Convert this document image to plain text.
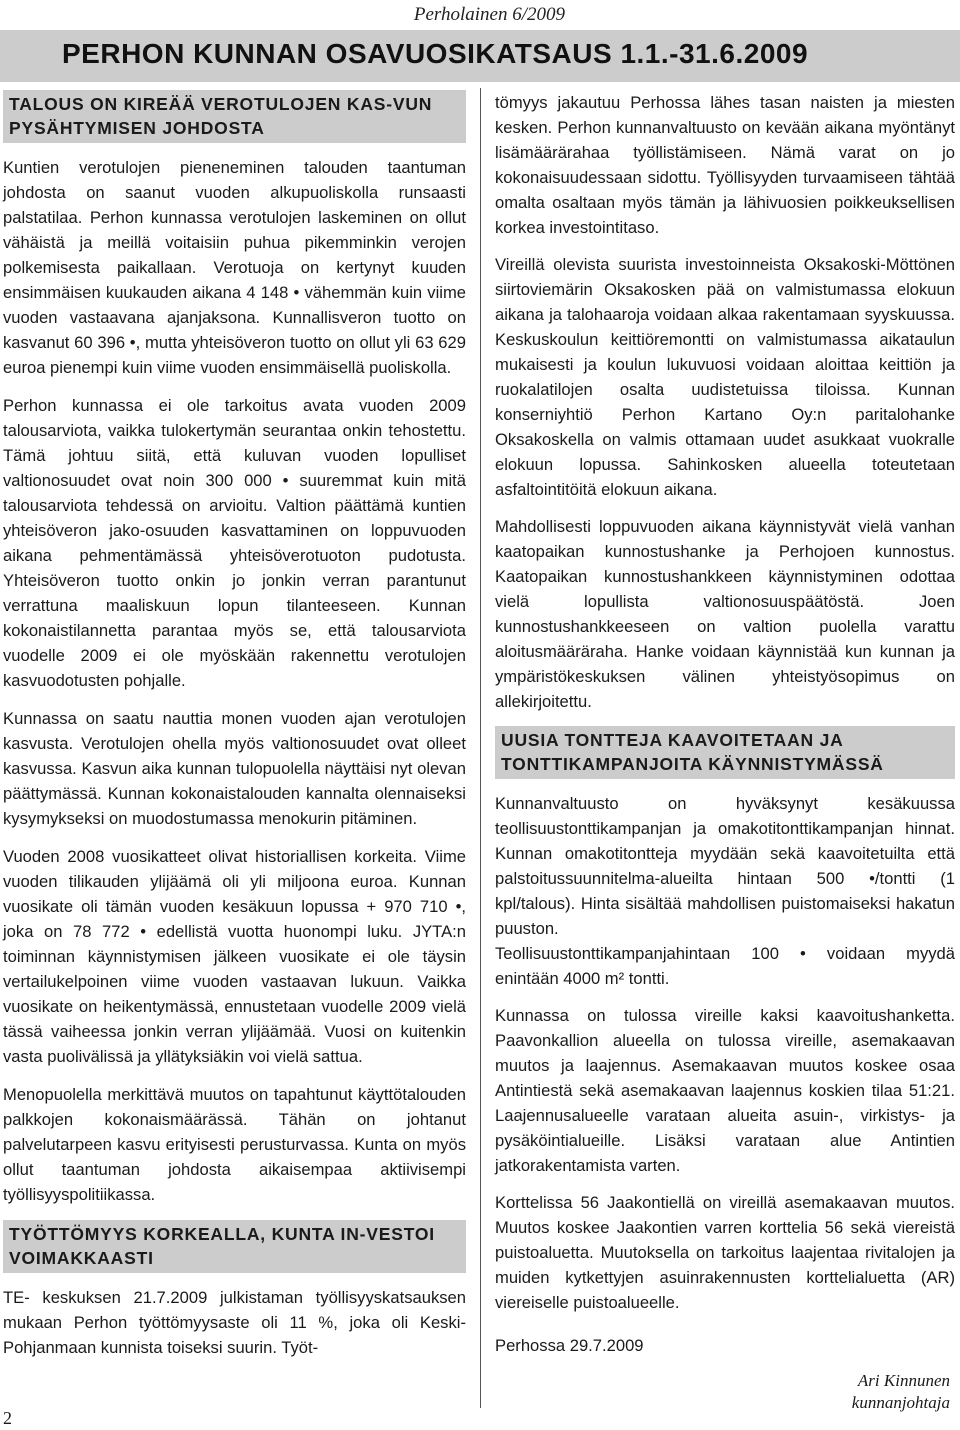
Perholainen 6/2009
PERHON KUNNAN OSAVUOSIKATSAUS 1.1.-31.6.2009
TALOUS ON KIREÄÄ VEROTULOJEN KAS-VUN PYSÄHTYMISEN JOHDOSTA

Kuntien verotulojen pieneneminen talouden taantuman johdosta on saanut vuoden alkupuoliskolla runsaasti palstatilaa. Perhon kunnassa verotulojen laskeminen on ollut vähäistä ja meillä voitaisiin puhua pikemminkin verojen polkemisesta paikallaan. Verotuoja on kertynyt kuuden ensimmäisen kuukauden aikana 4 148 • vähemmän kuin viime vuoden vastaavana ajanjaksona. Kunnallisveron tuotto on kasvanut 60 396 •, mutta yhteisöveron tuotto on ollut yli 63 629 euroa pienempi kuin viime vuoden ensimmäisellä puoliskolla.

Perhon kunnassa ei ole tarkoitus avata vuoden 2009 talousarviota, vaikka tulokertymän seurantaa onkin tehostettu. Tämä johtuu siitä, että kuluvan vuoden lopulliset valtionosuudet ovat noin 300 000 • suuremmat kuin mitä talousarviota tehdessä on arvioitu. Valtion päättämä kuntien yhteisöveron jako-osuuden kasvattaminen on loppuvuoden aikana pehmentämässä yhteisöverotuoton pudotusta. Yhteisöveron tuotto onkin jo jonkin verran parantunut verrattuna maaliskuun lopun tilanteeseen. Kunnan kokonaistilannetta parantaa myös se, että talousarviota vuodelle 2009 ei ole myöskään rakennettu verotulojen kasvuodotusten pohjalle.

Kunnassa on saatu nauttia monen vuoden ajan verotulojen kasvusta. Verotulojen ohella myös valtionosuudet ovat olleet kasvussa. Kasvun aika kunnan tulopuolella näyttäisi nyt olevan päättymässä. Kunnan kokonaistalouden kannalta olennaiseksi kysymykseksi on muodostumassa menokurin pitäminen.

Vuoden 2008 vuosikatteet olivat historiallisen korkeita. Viime vuoden tilikauden ylijäämä oli yli miljoona euroa. Kunnan vuosikate oli tämän vuoden kesäkuun lopussa + 970 710 •, joka on 78 772 • edellistä vuotta huonompi luku. JYTA:n toiminnan käynnistymisen jälkeen vuosikate ei ole täysin vertailukelpoinen viime vuoden vastaavan lukuun. Vaikka vuosikate on heikentymässä, ennustetaan vuodelle 2009 vielä tässä vaiheessa jonkin verran ylijäämää. Vuosi on kuitenkin vasta puolivälissä ja yllätyksiäkin voi vielä sattua.

Menopuolella merkittävä muutos on tapahtunut käyttötalouden palkkojen kokonaismäärässä. Tähän on johtanut palvelutarpeen kasvu erityisesti perusturvassa. Kunta on myös ollut taantuman johdosta aikaisempaa aktiivisempi työllisyyspolitiikassa.

TYÖTTÖMYYS KORKEALLA, KUNTA IN-VESTOI VOIMAKKAASTI

TE- keskuksen 21.7.2009 julkistaman työllisyyskatsauksen mukaan Perhon työttömyysaste oli 11 %, joka oli Keski-Pohjanmaan kunnista toiseksi suurin. Työt-

tömyys jakautuu Perhossa lähes tasan naisten ja miesten kesken. Perhon kunnanvaltuusto on kevään aikana myöntänyt lisämäärärahaa työllistämiseen. Nämä varat on jo kokonaisuudessaan sidottu. Työllisyyden turvaamiseen tähtää omalta osaltaan myös tämän ja lähivuosien poikkeuksellisen korkea investointitaso.

Vireillä olevista suurista investoinneista Oksakoski-Möttönen siirtoviemärin Oksakosken pää on valmistumassa elokuun aikana ja talohaaroja voidaan alkaa rakentamaan syyskuussa. Keskuskoulun keittiöremontti on valmistumassa aikataulun mukaisesti ja koulun lukuvuosi voidaan aloittaa keittiön ja ruokalatilojen osalta uudistetuissa tiloissa. Kunnan konserniyhtiö Perhon Kartano Oy:n paritalohanke Oksakoskella on valmis ottamaan uudet asukkaat vuokralle elokuun lopussa. Sahinkosken alueella toteutetaan asfaltointitöitä elokuun aikana.

Mahdollisesti loppuvuoden aikana käynnistyvät vielä vanhan kaatopaikan kunnostushanke ja Perhojoen kunnostus. Kaatopaikan kunnostushankkeen käynnistyminen odottaa vielä lopullista valtionosuuspäätöstä. Joen kunnostushankkeeseen on valtion puolella varattu aloitusmääräraha. Hanke voidaan käynnistää kun kunnan ja ympäristökeskuksen välinen yhteistyösopimus on allekirjoitettu.

UUSIA TONTTEJA KAAVOITETAAN JA TONTTIKAMPANJOITA KÄYNNISTYMÄSSÄ

Kunnanvaltuusto on hyväksynyt kesäkuussa teollisuustonttikampanjan ja omakotitonttikampanjan hinnat. Kunnan omakotitontteja myydään sekä kaavoitetuilta että palstoitussuunnitelma-alueilta hintaan 500 •/tontti (1 kpl/talous). Hinta sisältää mahdollisen puistomaiseksi hakatun puuston.

Teollisuustonttikampanjahintaan 100 • voidaan myydä enintään 4000 m² tontti.

Kunnassa on tulossa vireille kaksi kaavoitushanketta. Paavonkallion alueella on tulossa vireille, asemakaavan muutos ja laajennus. Asemakaavan muutos koskee osaa Antintiestä sekä asemakaavan laajennus koskien tilaa 51:21. Laajennusalueelle varataan alueita asuin-, virkistys- ja pysäköintialueille. Lisäksi varataan alue Antintien jatkorakentamista varten.

Korttelissa 56 Jaakontiellä on vireillä asemakaavan muutos. Muutos koskee Jaakontien varren korttelia 56 sekä viereistä puistoaluetta. Muutoksella on tarkoitus laajentaa rivitalojen ja muiden kytkettyjen asuinrakennusten korttelialuetta (AR) viereiselle puistoalueelle.

Perhossa 29.7.2009

Ari Kinnunen
kunnanjohtaja
2
